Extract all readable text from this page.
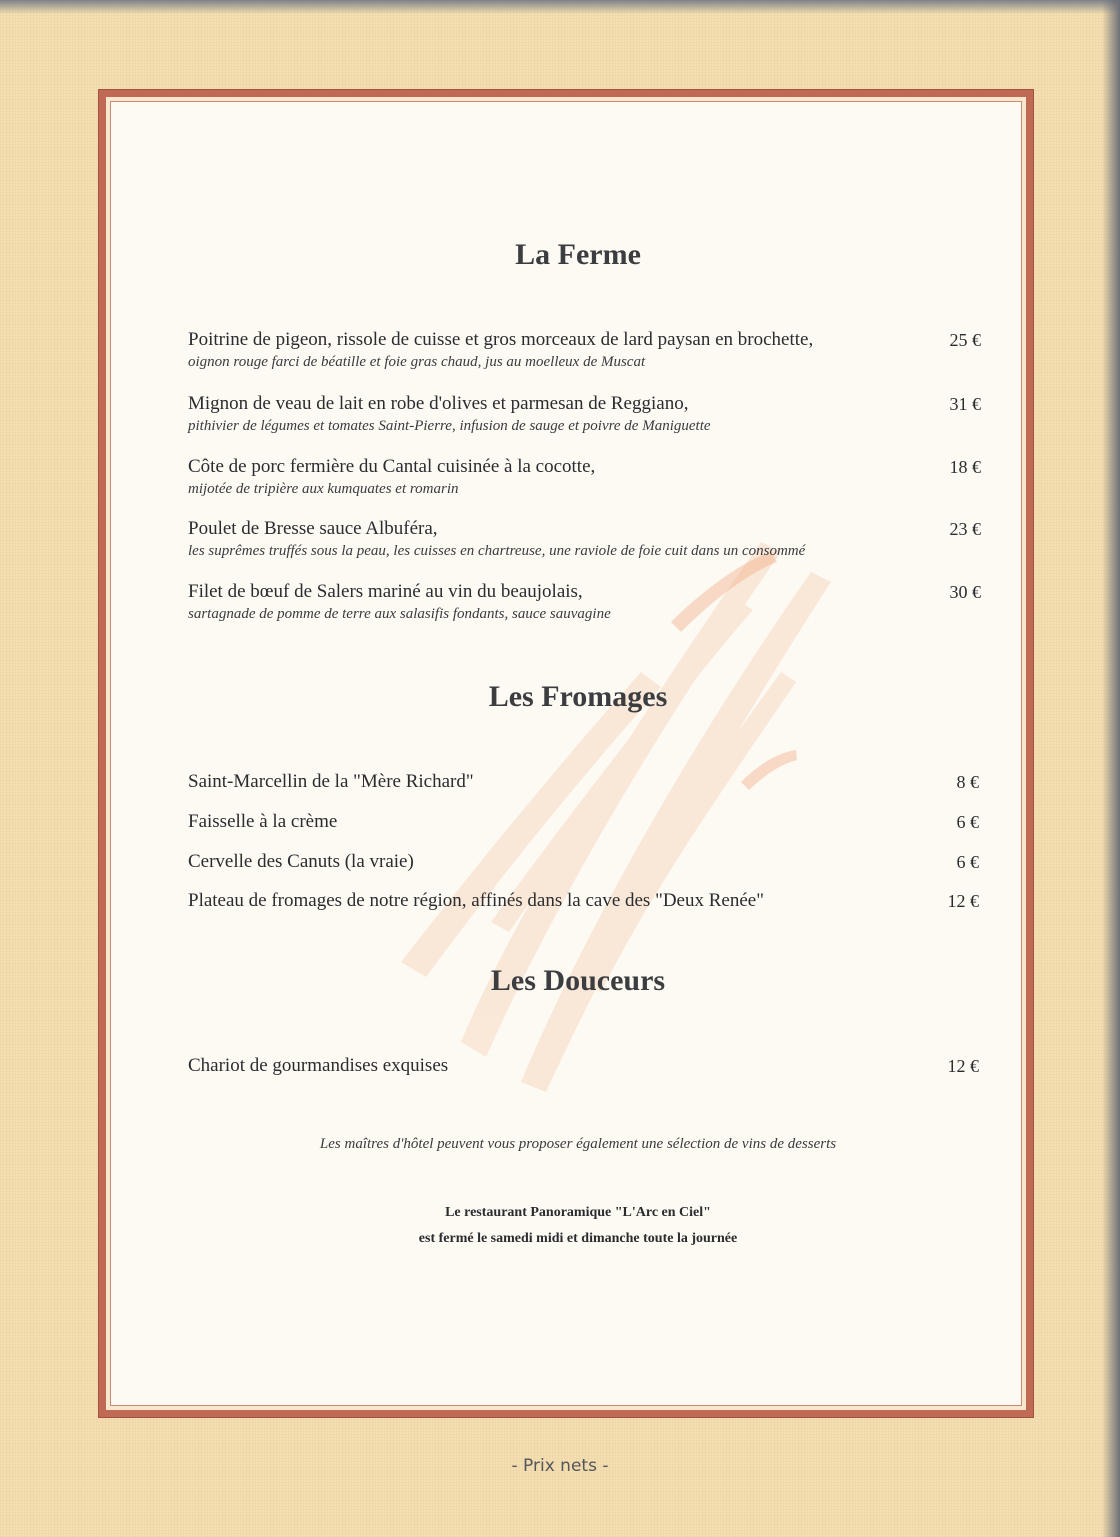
La Ferme
Poitrine de pigeon, rissole de cuisse et gros morceaux de lard paysan en brochette,
oignon rouge farci de béatille et foie gras chaud, jus au moelleux de Muscat
25 €
Mignon de veau de lait en robe d'olives et parmesan de Reggiano,
pithivier de légumes et tomates Saint-Pierre, infusion de sauge et poivre de Maniguette
31 €
Côte de porc fermière du Cantal cuisinée à la cocotte,
mijotée de tripière aux kumquates et romarin
18 €
Poulet de Bresse sauce Albuféra,
les suprêmes truffés sous la peau, les cuisses en chartreuse, une raviole de foie cuit dans un consommé
23 €
Filet de bœuf de Salers mariné au vin du beaujolais,
sartagnade de pomme de terre aux salasifis fondants, sauce sauvagine
30 €
Les Fromages
Saint-Marcellin de la "Mère Richard"	8 €
Faisselle à la crème	6 €
Cervelle des Canuts (la vraie)	6 €
Plateau de fromages de notre région, affinés dans la cave des "Deux Renée"	12 €
Les Douceurs
Chariot de gourmandises exquises	12 €
Les maîtres d'hôtel peuvent vous proposer également une sélection de vins de desserts
Le restaurant Panoramique "L'Arc en Ciel"
est fermé le samedi midi et dimanche toute la journée
- Prix nets -
